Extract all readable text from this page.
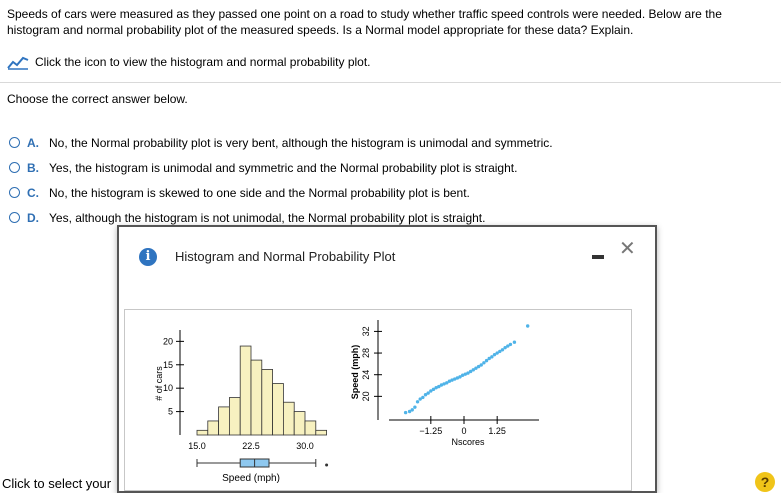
Speeds of cars were measured as they passed one point on a road to study whether traffic speed controls were needed. Below are the histogram and normal probability plot of the measured speeds. Is a Normal model appropriate for these data? Explain.
Click the icon to view the histogram and normal probability plot.
Choose the correct answer below.
A. No, the Normal probability plot is very bent, although the histogram is unimodal and symmetric.
B. Yes, the histogram is unimodal and symmetric and the Normal probability plot is straight.
C. No, the histogram is skewed to one side and the Normal probability plot is bent.
D. Yes, although the histogram is not unimodal, the Normal probability plot is straight.
Click to select your	?
i	Histogram and Normal Probability Plot	✕
5
10
15
20
# of cars
15.0	22.5	30.0
Speed (mph)
20
24
28
32
Speed (mph)
−1.25 0 1.25
Nscores
